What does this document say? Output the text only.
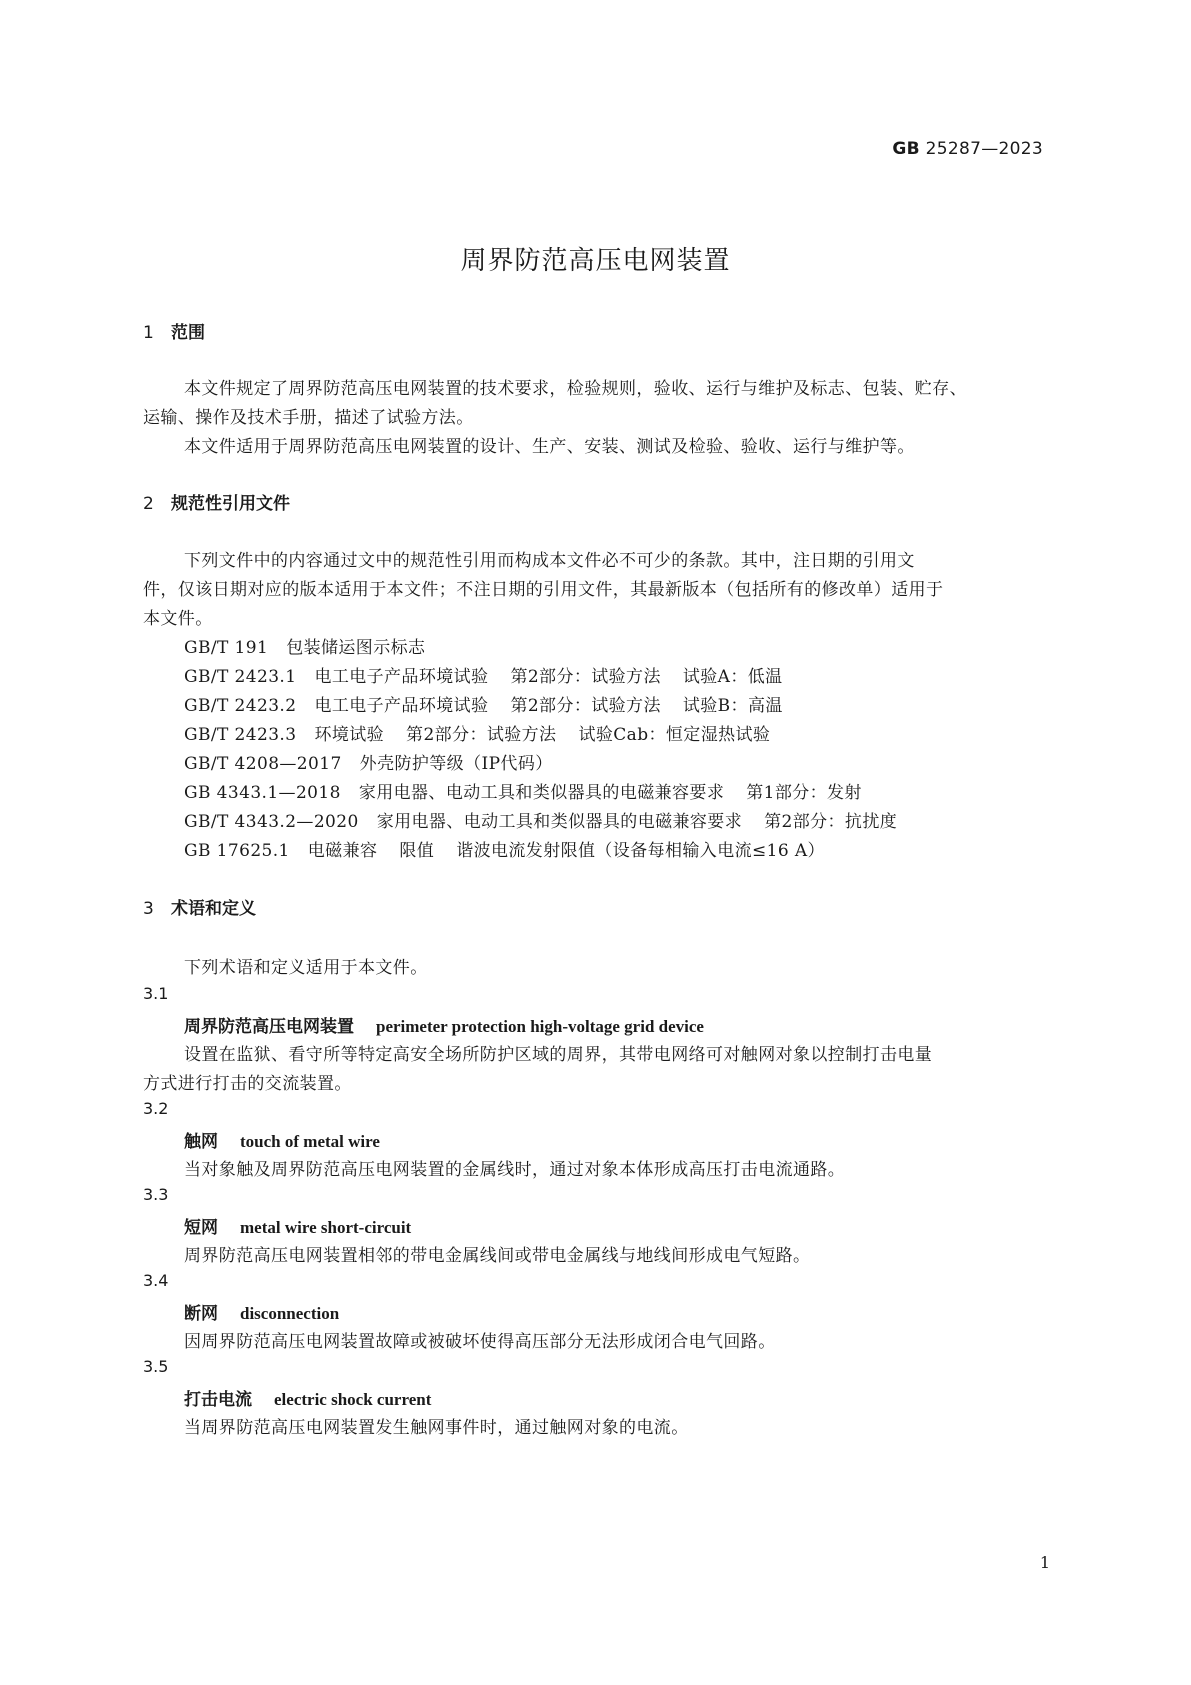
GB 25287—2023
周界防范高压电网装置
1 范围
本文件规定了周界防范高压电网装置的技术要求，检验规则，验收、运行与维护及标志、包装、贮存、
运输、操作及技术手册，描述了试验方法。
本文件适用于周界防范高压电网装置的设计、生产、安装、测试及检验、验收、运行与维护等。
2 规范性引用文件
下列文件中的内容通过文中的规范性引用而构成本文件必不可少的条款。其中，注日期的引用文
件，仅该日期对应的版本适用于本文件；不注日期的引用文件，其最新版本（包括所有的修改单）适用于
本文件。
GB/T 191 包装储运图示标志
GB/T 2423.1 电工电子产品环境试验 第2部分：试验方法 试验A：低温
GB/T 2423.2 电工电子产品环境试验 第2部分：试验方法 试验B：高温
GB/T 2423.3 环境试验 第2部分：试验方法 试验Cab：恒定湿热试验
GB/T 4208—2017 外壳防护等级（IP代码）
GB 4343.1—2018 家用电器、电动工具和类似器具的电磁兼容要求 第1部分：发射
GB/T 4343.2—2020 家用电器、电动工具和类似器具的电磁兼容要求 第2部分：抗扰度
GB 17625.1 电磁兼容 限值 谐波电流发射限值（设备每相输入电流≤16 A）
3 术语和定义
下列术语和定义适用于本文件。
3.1
周界防范高压电网装置 perimeter protection high-voltage grid device
设置在监狱、看守所等特定高安全场所防护区域的周界，其带电网络可对触网对象以控制打击电量
方式进行打击的交流装置。
3.2
触网 touch of metal wire
当对象触及周界防范高压电网装置的金属线时，通过对象本体形成高压打击电流通路。
3.3
短网 metal wire short-circuit
周界防范高压电网装置相邻的带电金属线间或带电金属线与地线间形成电气短路。
3.4
断网 disconnection
因周界防范高压电网装置故障或被破坏使得高压部分无法形成闭合电气回路。
3.5
打击电流 electric shock current
当周界防范高压电网装置发生触网事件时，通过触网对象的电流。
1
